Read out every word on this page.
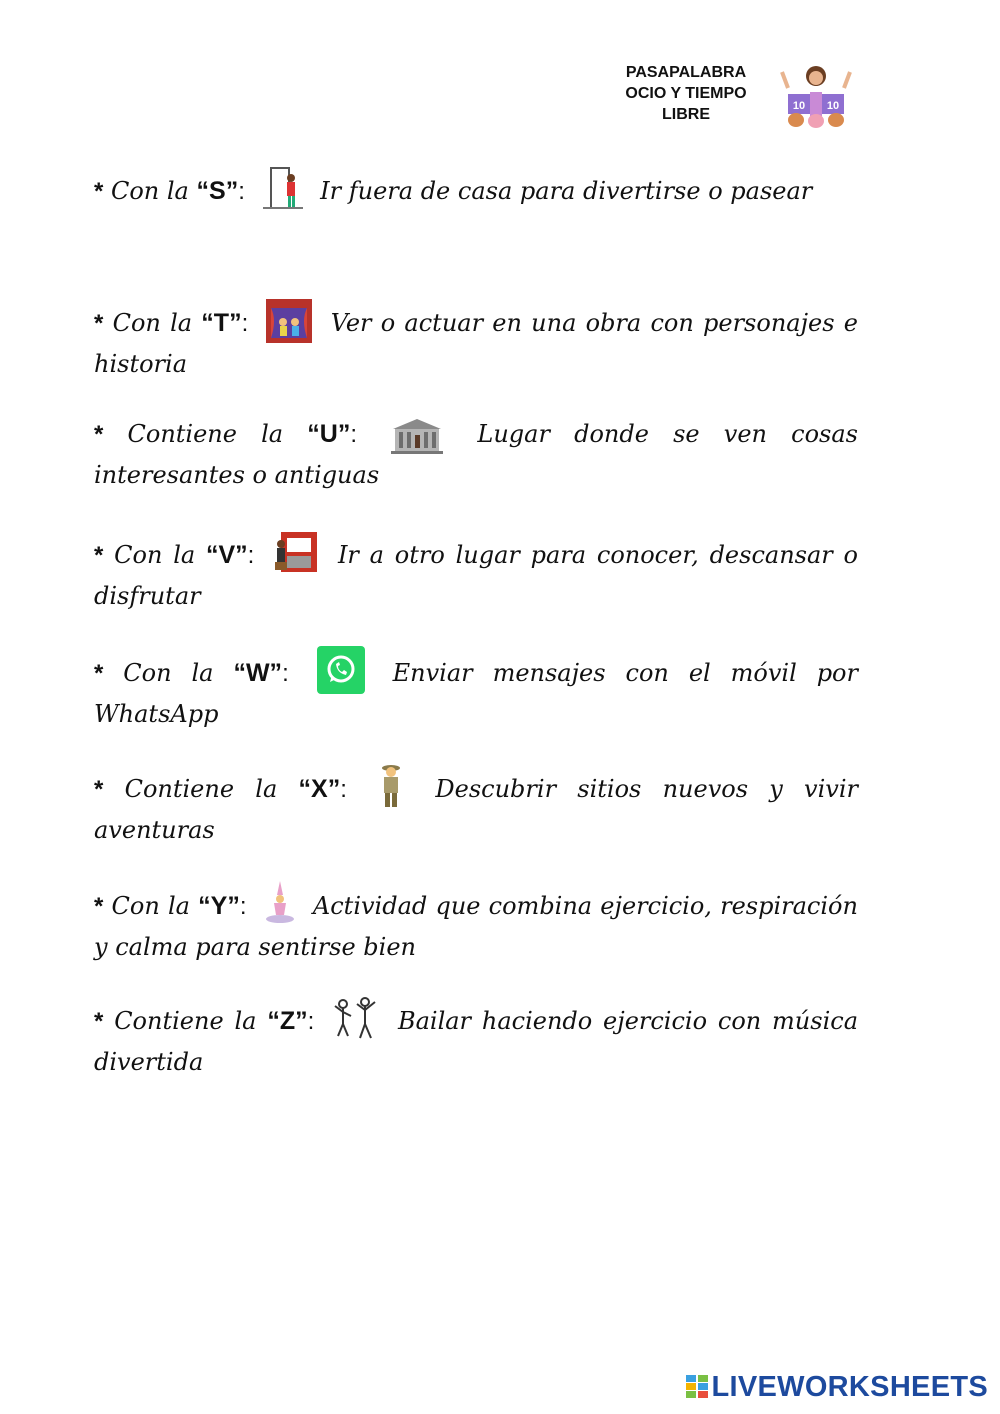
PASAPALABRA
OCIO Y TIEMPO
LIBRE	10 10
* Con la “S”:	Ir fuera de casa para divertirse o pasear
* Con la “T”:	Ver o actuar en una obra con personajes e historia
* Contiene la “U”:	Lugar donde se ven cosas interesantes o antiguas
* Con la “V”:	Ir a otro lugar para conocer, descansar o disfrutar
* Con la “W”:	Enviar mensajes con el móvil por WhatsApp
* Contiene la “X”:	Descubrir sitios nuevos y vivir aventuras
* Con la “Y”:	Actividad que combina ejercicio, respiración y calma para sentirse bien
* Contiene la “Z”:	Bailar haciendo ejercicio con música divertida
LIVEWORKSHEETS
